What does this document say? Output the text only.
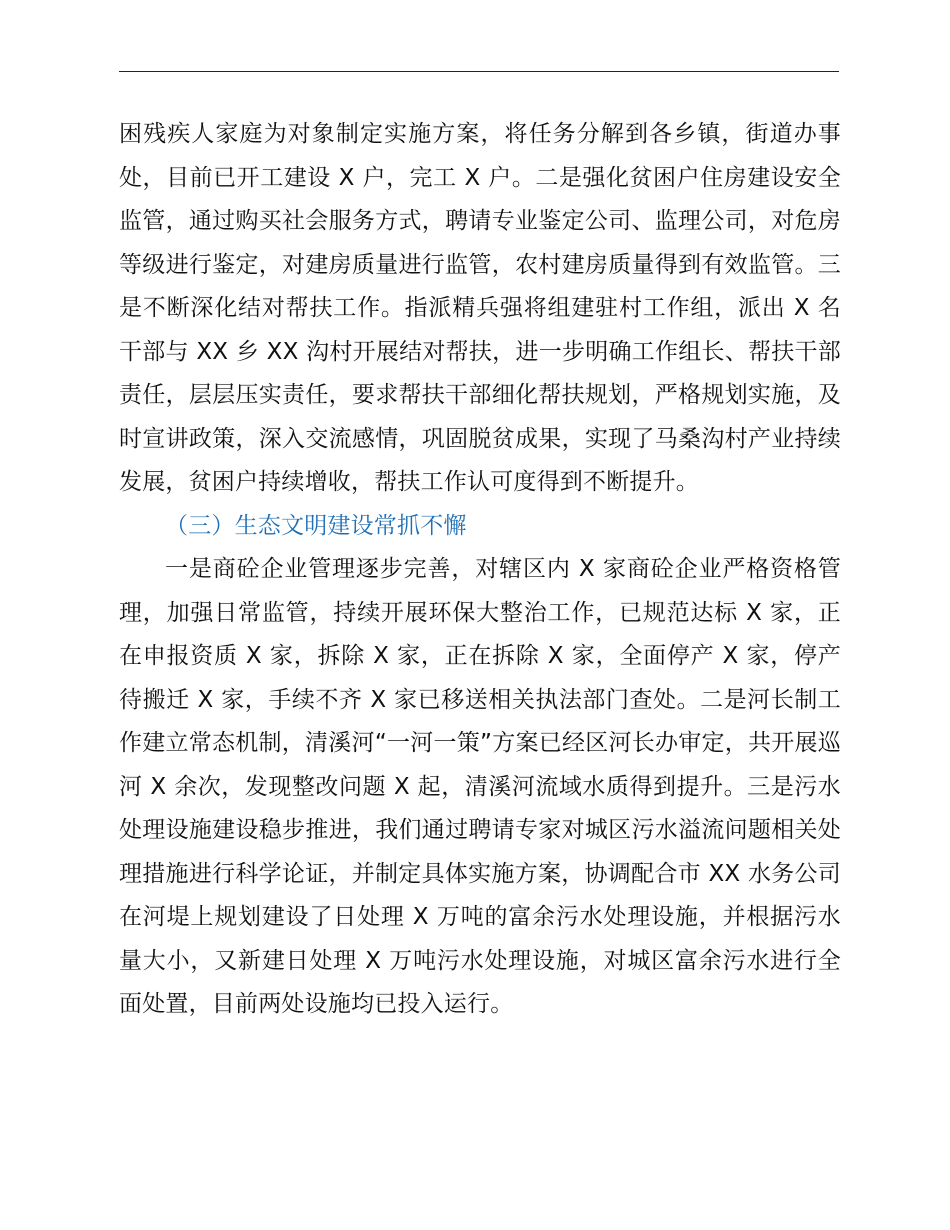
困残疾人家庭为对象制定实施方案，将任务分解到各乡镇，街道办事处，目前已开工建设 X 户，完工 X 户。二是强化贫困户住房建设安全监管，通过购买社会服务方式，聘请专业鉴定公司、监理公司，对危房等级进行鉴定，对建房质量进行监管，农村建房质量得到有效监管。三是不断深化结对帮扶工作。指派精兵强将组建驻村工作组，派出 X 名干部与 XX 乡 XX 沟村开展结对帮扶，进一步明确工作组长、帮扶干部责任，层层压实责任，要求帮扶干部细化帮扶规划，严格规划实施，及时宣讲政策，深入交流感情，巩固脱贫成果，实现了马桑沟村产业持续发展，贫困户持续增收，帮扶工作认可度得到不断提升。

（三）生态文明建设常抓不懈

一是商砼企业管理逐步完善，对辖区内 X 家商砼企业严格资格管理，加强日常监管，持续开展环保大整治工作，已规范达标 X 家，正在申报资质 X 家，拆除 X 家，正在拆除 X 家，全面停产 X 家，停产待搬迁 X 家，手续不齐 X 家已移送相关执法部门查处。二是河长制工作建立常态机制，清溪河“一河一策”方案已经区河长办审定，共开展巡河 X 余次，发现整改问题 X 起，清溪河流域水质得到提升。三是污水处理设施建设稳步推进，我们通过聘请专家对城区污水溢流问题相关处理措施进行科学论证，并制定具体实施方案，协调配合市 XX 水务公司在河堤上规划建设了日处理 X 万吨的富余污水处理设施，并根据污水量大小，又新建日处理 X 万吨污水处理设施，对城区富余污水进行全面处置，目前两处设施均已投入运行。
